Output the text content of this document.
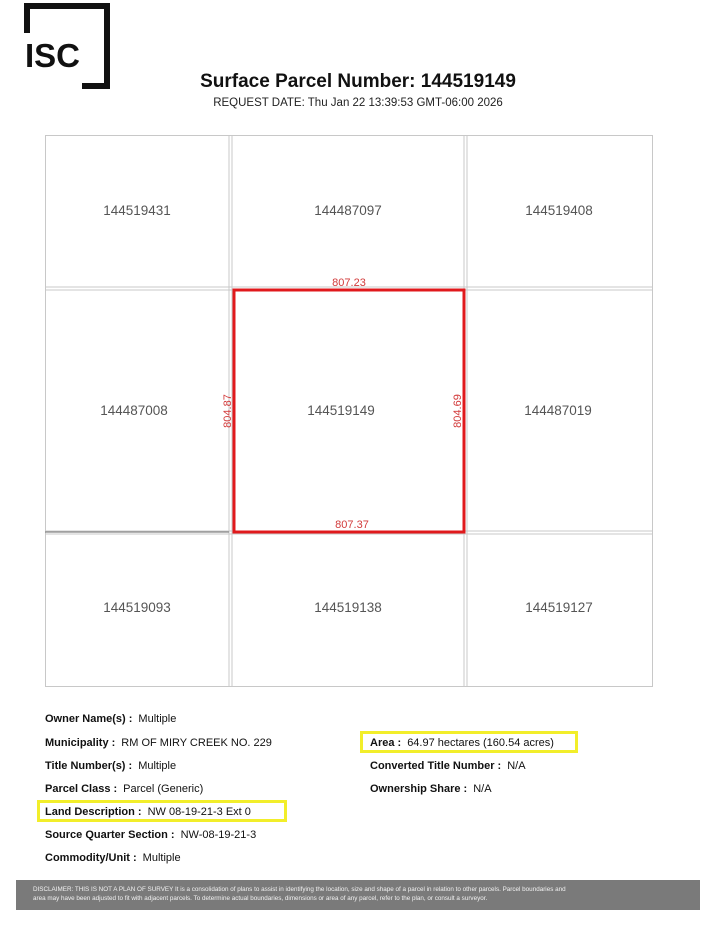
ISC
Surface Parcel Number: 144519149
REQUEST DATE: Thu Jan 22 13:39:53 GMT-06:00 2026
144519431	144487097	144519408
144487008	144519149	144487019
144519093	144519138	144519127
807.23
807.37
804.87	804.69
Owner Name(s) : Multiple
Municipality : RM OF MIRY CREEK NO. 229
Title Number(s) : Multiple
Parcel Class : Parcel (Generic)
Land Description : NW 08-19-21-3 Ext 0
Source Quarter Section : NW-08-19-21-3
Commodity/Unit : Multiple
Area : 64.97 hectares (160.54 acres)
Converted Title Number : N/A
Ownership Share : N/A
DISCLAIMER: THIS IS NOT A PLAN OF SURVEY It is a consolidation of plans to assist in identifying the location, size and shape of a parcel in relation to other parcels. Parcel boundaries and
area may have been adjusted to fit with adjacent parcels. To determine actual boundaries, dimensions or area of any parcel, refer to the plan, or consult a surveyor.
